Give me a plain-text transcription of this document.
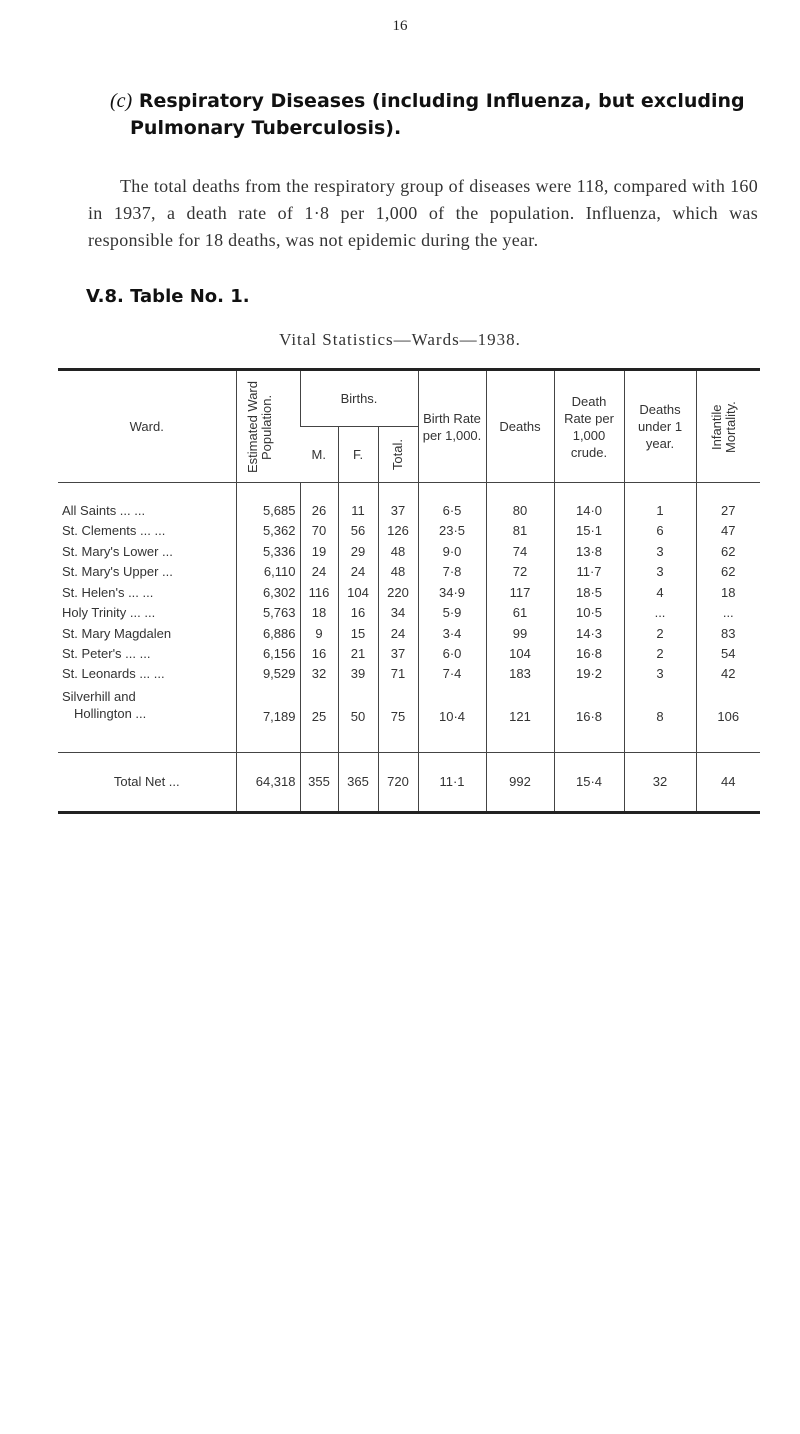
16
(c) Respiratory Diseases (including Influenza, but excluding
Pulmonary Tuberculosis).

The total deaths from the respiratory group of diseases were 118, compared with 160 in 1937, a death rate of 1·8 per 1,000 of the population. Influenza, which was responsible for 18 deaths, was not epidemic during the year.

V.8. Table No. 1.
Vital Statistics—Wards—1938.
Ward.	Estimated Ward Population.	Births.			Birth Rate per 1,000.	Deaths	Death Rate per 1,000 crude.	Deaths under 1 year.	Infantile Mortality.

		M.	F.	Total.					

All Saints ... ...	5,685	26	11	37	6·5	80	14·0	1	27
St. Clements ... ...	5,362	70	56	126	23·5	81	15·1	6	47
St. Mary's Lower ...	5,336	19	29	48	9·0	74	13·8	3	62
St. Mary's Upper ...	6,110	24	24	48	7·8	72	11·7	3	62
St. Helen's ... ...	6,302	116	104	220	34·9	117	18·5	4	18
Holy Trinity ... ...	5,763	18	16	34	5·9	61	10·5	...	...
St. Mary Magdalen	6,886	9	15	24	3·4	99	14·3	2	83
St. Peter's ... ...	6,156	16	21	37	6·0	104	16·8	2	54
St. Leonards ... ...	9,529	32	39	71	7·4	183	19·2	3	42

Silverhill and
Hollington ...	7,189	25	50	75	10·4	121	16·8	8	106

Total Net ...	64,318	355	365	720	11·1	992	15·4	32	44
